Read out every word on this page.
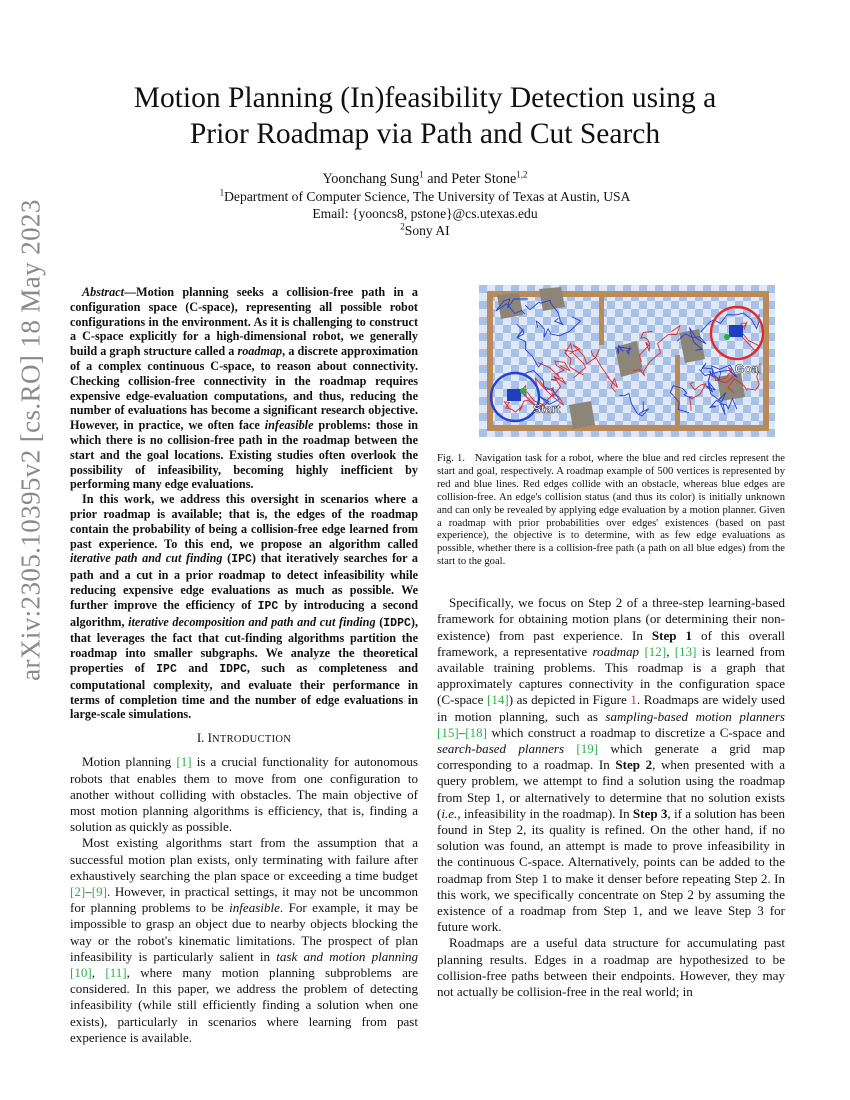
arXiv:2305.10395v2 [cs.RO] 18 May 2023
Motion Planning (In)feasibility Detection using a
Prior Roadmap via Path and Cut Search
Yoonchang Sung$^1$ and Peter Stone$^{1,2}$
$^1$Department of Computer Science, The University of Texas at Austin, USA
Email: {yooncs8, pstone}@cs.utexas.edu
$^2$Sony AI

Abstract—Motion planning seeks a collision-free path in a configuration space (C-space), representing all possible robot configurations in the environment. As it is challenging to construct a C-space explicitly for a high-dimensional robot, we generally build a graph structure called a roadmap, a discrete approximation of a complex continuous C-space, to reason about connectivity. Checking collision-free connectivity in the roadmap requires expensive edge-evaluation computations, and thus, reducing the number of evaluations has become a significant research objective. However, in practice, we often face infeasible problems: those in which there is no collision-free path in the roadmap between the start and the goal locations. Existing studies often overlook the possibility of infeasibility, becoming highly inefficient by performing many edge evaluations.

In this work, we address this oversight in scenarios where a prior roadmap is available; that is, the edges of the roadmap contain the probability of being a collision-free edge learned from past experience. To this end, we propose an algorithm called iterative path and cut finding (IPC) that iteratively searches for a path and a cut in a prior roadmap to detect infeasibility while reducing expensive edge evaluations as much as possible. We further improve the efficiency of IPC by introducing a second algorithm, iterative decomposition and path and cut finding (IDPC), that leverages the fact that cut-finding algorithms partition the roadmap into smaller subgraphs. We analyze the theoretical properties of IPC and IDPC, such as completeness and computational complexity, and evaluate their performance in terms of completion time and the number of edge evaluations in large-scale simulations.

I. INTRODUCTION

Motion planning [1] is a crucial functionality for autonomous robots that enables them to move from one configuration to another without colliding with obstacles. The main objective of most motion planning algorithms is efficiency, that is, finding a solution as quickly as possible.

Most existing algorithms start from the assumption that a successful motion plan exists, only terminating with failure after exhaustively searching the plan space or exceeding a time budget [2]–[9]. However, in practical settings, it may not be uncommon for planning problems to be infeasible. For example, it may be impossible to grasp an object due to nearby objects blocking the way or the robot's kinematic limitations. The prospect of plan infeasibility is particularly salient in task and motion planning [10], [11], where many motion planning subproblems are considered. In this paper, we address the problem of detecting infeasibility (while still efficiently finding a solution when one exists), particularly in scenarios where learning from past experience is available.

Start
Goal

Fig. 1. Navigation task for a robot, where the blue and red circles represent the start and goal, respectively. A roadmap example of 500 vertices is represented by red and blue lines. Red edges collide with an obstacle, whereas blue edges are collision-free. An edge's collision status (and thus its color) is initially unknown and can only be revealed by applying edge evaluation by a motion planner. Given a roadmap with prior probabilities over edges' existences (based on past experience), the objective is to determine, with as few edge evaluations as possible, whether there is a collision-free path (a path on all blue edges) from the start to the goal.

Specifically, we focus on Step 2 of a three-step learning-based framework for obtaining motion plans (or determining their non-existence) from past experience. In Step 1 of this overall framework, a representative roadmap [12], [13] is learned from available training problems. This roadmap is a graph that approximately captures connectivity in the configuration space (C-space [14]) as depicted in Figure 1. Roadmaps are widely used in motion planning, such as sampling-based motion planners [15]–[18] which construct a roadmap to discretize a C-space and search-based planners [19] which generate a grid map corresponding to a roadmap. In Step 2, when presented with a query problem, we attempt to find a solution using the roadmap from Step 1, or alternatively to determine that no solution exists (i.e., infeasibility in the roadmap). In Step 3, if a solution has been found in Step 2, its quality is refined. On the other hand, if no solution was found, an attempt is made to prove infeasibility in the continuous C-space. Alternatively, points can be added to the roadmap from Step 1 to make it denser before repeating Step 2. In this work, we specifically concentrate on Step 2 by assuming the existence of a roadmap from Step 1, and we leave Step 3 for future work.

Roadmaps are a useful data structure for accumulating past planning results. Edges in a roadmap are hypothesized to be collision-free paths between their endpoints. However, they may not actually be collision-free in the real world; in
